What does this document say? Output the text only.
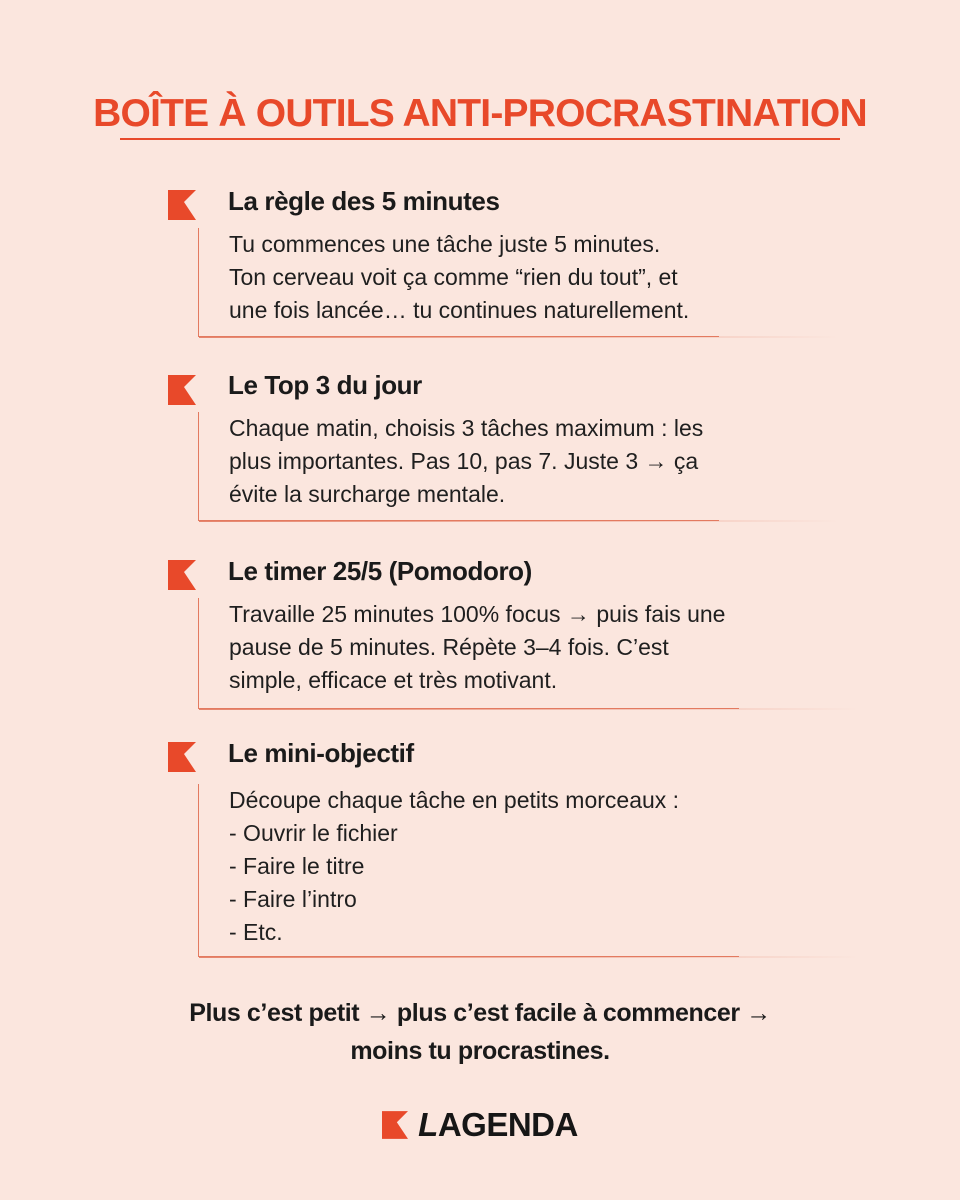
BOÎTE À OUTILS ANTI-PROCRASTINATION
La règle des 5 minutes

Tu commences une tâche juste 5 minutes.
Ton cerveau voit ça comme “rien du tout”, et
une fois lancée… tu continues naturellement.

Le Top 3 du jour

Chaque matin, choisis 3 tâches maximum : les
plus importantes. Pas 10, pas 7. Juste 3 → ça
évite la surcharge mentale.

Le timer 25/5 (Pomodoro)

Travaille 25 minutes 100% focus → puis fais une
pause de 5 minutes. Répète 3–4 fois. C’est
simple, efficace et très motivant.

Le mini-objectif

Découpe chaque tâche en petits morceaux :
- Ouvrir le fichier
- Faire le titre
- Faire l’intro
- Etc.

Plus c’est petit → plus c’est facile à commencer →
moins tu procrastines.

LAGENDA
